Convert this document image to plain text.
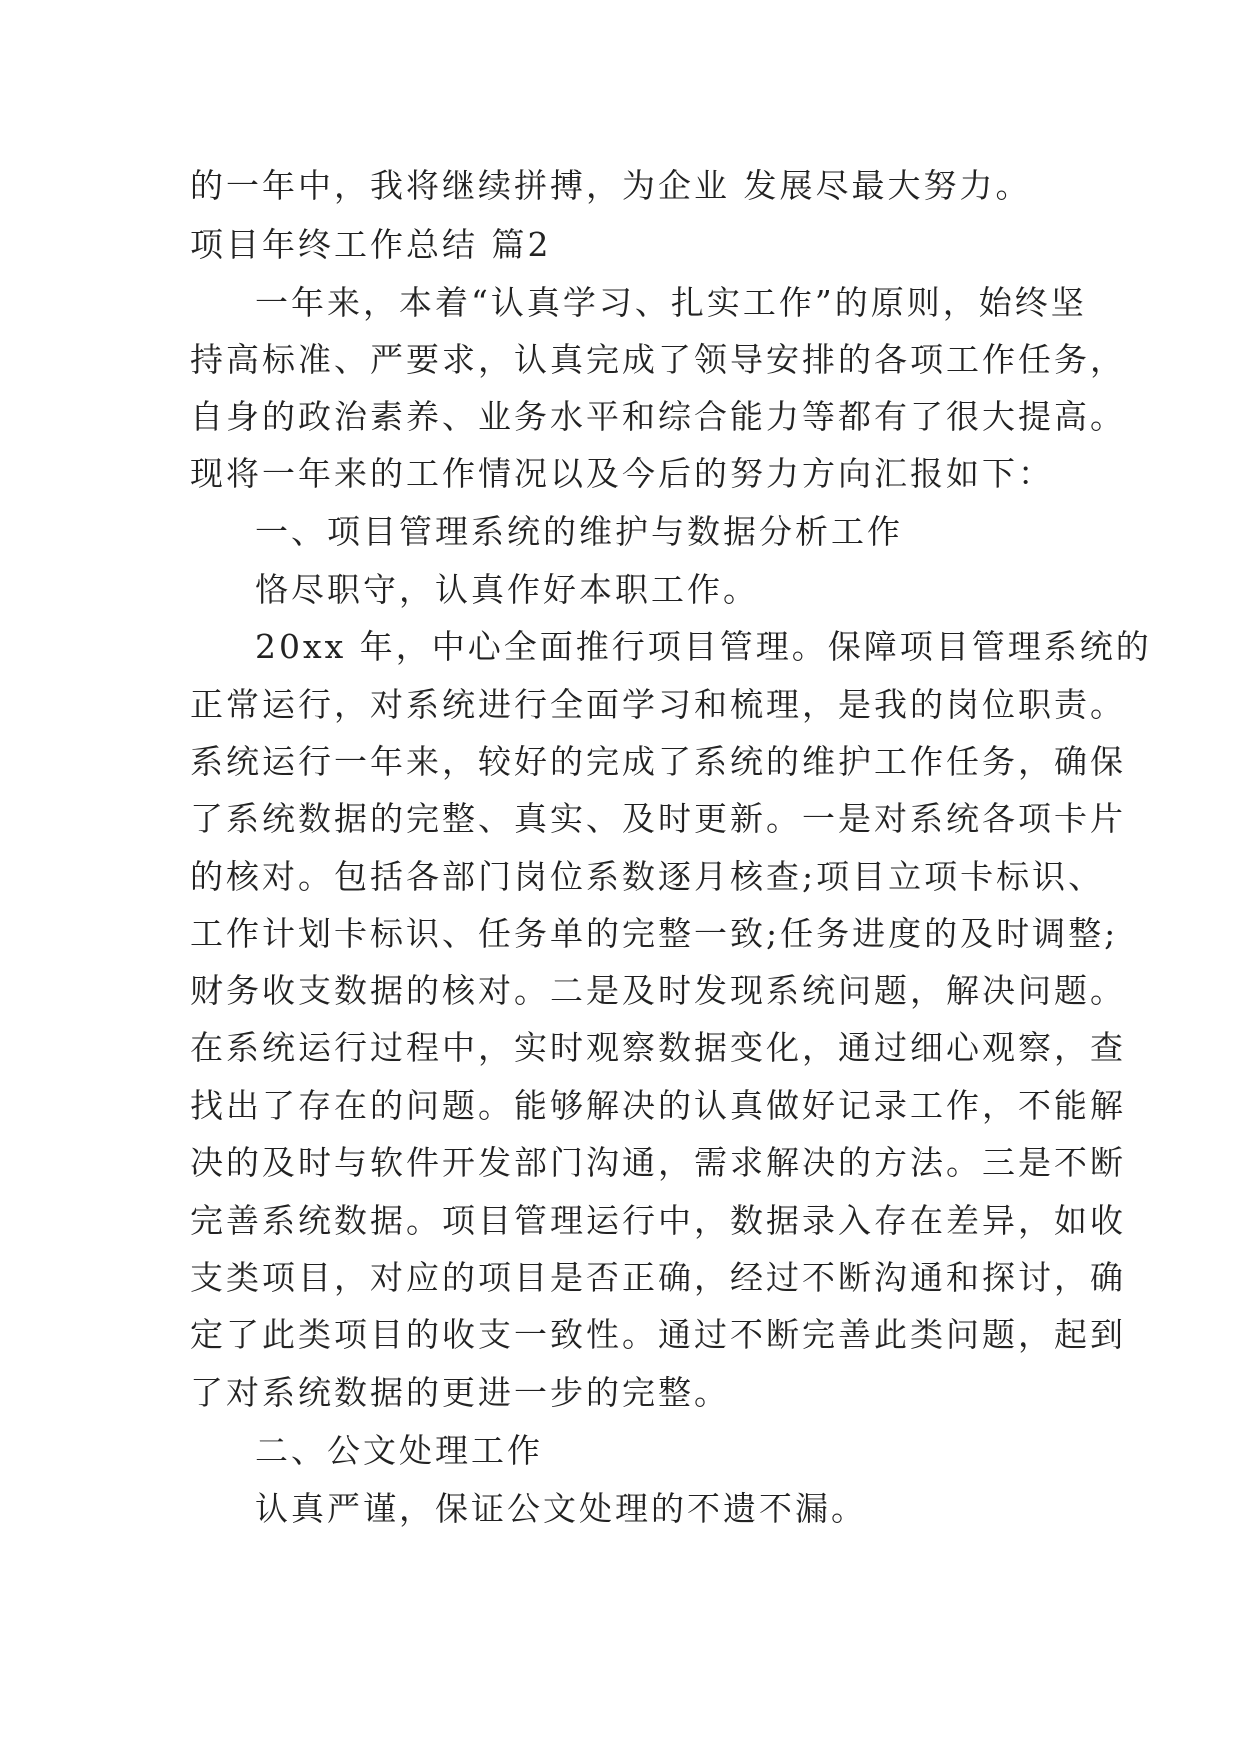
的一年中，我将继续拼搏，为企业 发展尽最大努力。
项目年终工作总结 篇2
一年来，本着“认真学习、扎实工作”的原则，始终坚
持高标准、严要求，认真完成了领导安排的各项工作任务，
自身的政治素养、业务水平和综合能力等都有了很大提高。
现将一年来的工作情况以及今后的努力方向汇报如下：
一、项目管理系统的维护与数据分析工作
恪尽职守，认真作好本职工作。
20xx 年，中心全面推行项目管理。保障项目管理系统的
正常运行，对系统进行全面学习和梳理，是我的岗位职责。
系统运行一年来，较好的完成了系统的维护工作任务，确保
了系统数据的完整、真实、及时更新。一是对系统各项卡片
的核对。包括各部门岗位系数逐月核查;项目立项卡标识、
工作计划卡标识、任务单的完整一致;任务进度的及时调整;
财务收支数据的核对。二是及时发现系统问题，解决问题。
在系统运行过程中，实时观察数据变化，通过细心观察，查
找出了存在的问题。能够解决的认真做好记录工作，不能解
决的及时与软件开发部门沟通，需求解决的方法。三是不断
完善系统数据。项目管理运行中，数据录入存在差异，如收
支类项目，对应的项目是否正确，经过不断沟通和探讨，确
定了此类项目的收支一致性。通过不断完善此类问题，起到
了对系统数据的更进一步的完整。
二、公文处理工作
认真严谨，保证公文处理的不遗不漏。
